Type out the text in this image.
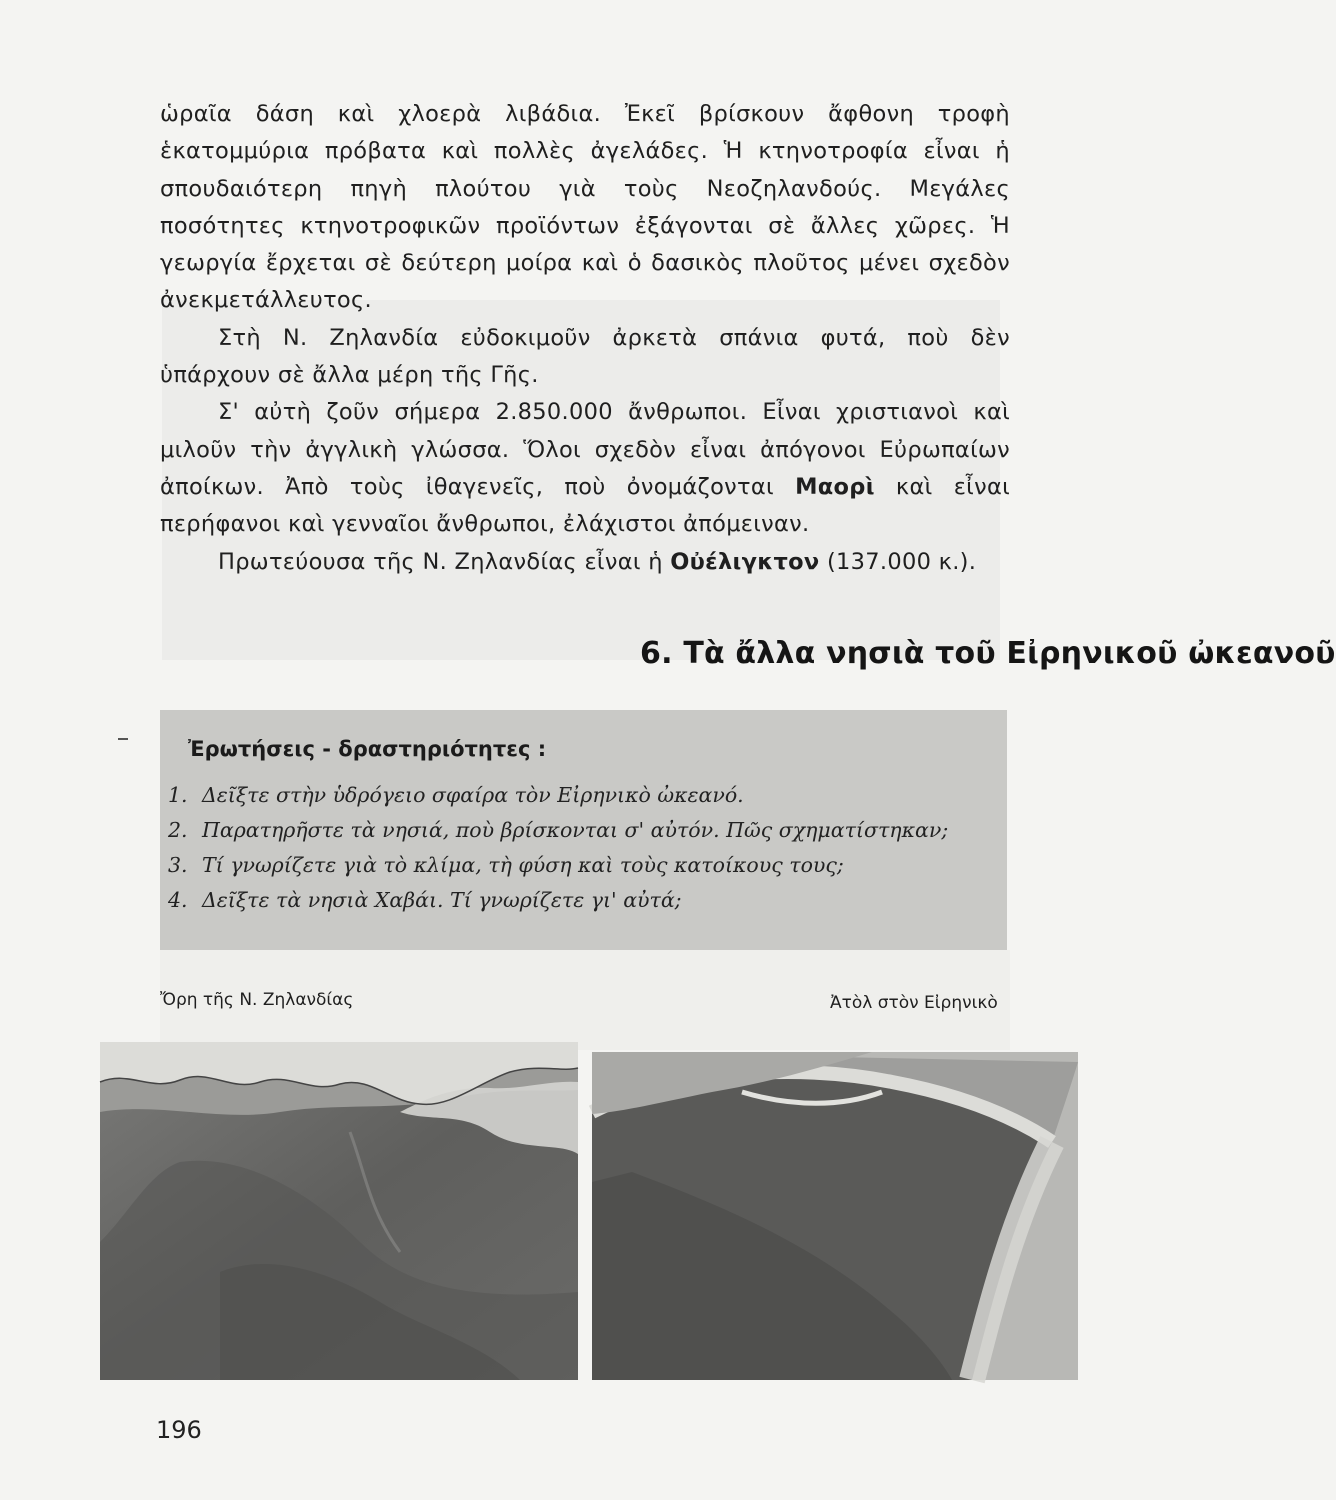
ὡραῖα δάση καὶ χλοερὰ λιβάδια. Ἐκεῖ βρίσκουν ἄφθονη τροφὴ ἑκατομμύρια πρόβατα καὶ πολλὲς ἀγελάδες. Ἡ κτηνοτροφία εἶναι ἡ σπουδαιότερη πηγὴ πλούτου γιὰ τοὺς Νεοζηλανδούς. Μεγάλες ποσότητες κτηνοτροφικῶν προϊόντων ἐξάγονται σὲ ἄλλες χῶρες. Ἡ γεωργία ἔρχεται σὲ δεύτερη μοίρα καὶ ὁ δασικὸς πλοῦτος μένει σχεδὸν ἀνεκμετάλλευτος.

Στὴ Ν. Ζηλανδία εὐδοκιμοῦν ἀρκετὰ σπάνια φυτά, ποὺ δὲν ὑπάρχουν σὲ ἄλλα μέρη τῆς Γῆς.

Σ' αὐτὴ ζοῦν σήμερα 2.850.000 ἄνθρωποι. Εἶναι χριστιανοὶ καὶ μιλοῦν τὴν ἀγγλικὴ γλώσσα. Ὅλοι σχεδὸν εἶναι ἀπόγονοι Εὐρωπαίων ἀποίκων. Ἀπὸ τοὺς ἰθαγενεῖς, ποὺ ὀνομάζονται Μαορὶ καὶ εἶναι περήφανοι καὶ γενναῖοι ἄνθρωποι, ἐλάχιστοι ἀπόμειναν.

Πρωτεύουσα τῆς Ν. Ζηλανδίας εἶναι ἡ Οὐέλιγκτον (137.000 κ.).

6. Τὰ ἄλλα νησιὰ τοῦ Εἰρηνικοῦ ὠκεανοῦ
Ἐρωτήσεις - δραστηριότητες :
1. Δεῖξτε στὴν ὑδρόγειο σφαίρα τὸν Εἰρηνικὸ ὠκεανό.
2. Παρατηρῆστε τὰ νησιά, ποὺ βρίσκονται σ' αὐτόν. Πῶς σχηματίστηκαν;
3. Τί γνωρίζετε γιὰ τὸ κλίμα, τὴ φύση καὶ τοὺς κατοίκους τους;
4. Δεῖξτε τὰ νησιὰ Χαβάι. Τί γνωρίζετε γι' αὐτά;
Ὄρη τῆς Ν. Ζηλανδίας	Ἀτὸλ στὸν Εἰρηνικὸ
196
